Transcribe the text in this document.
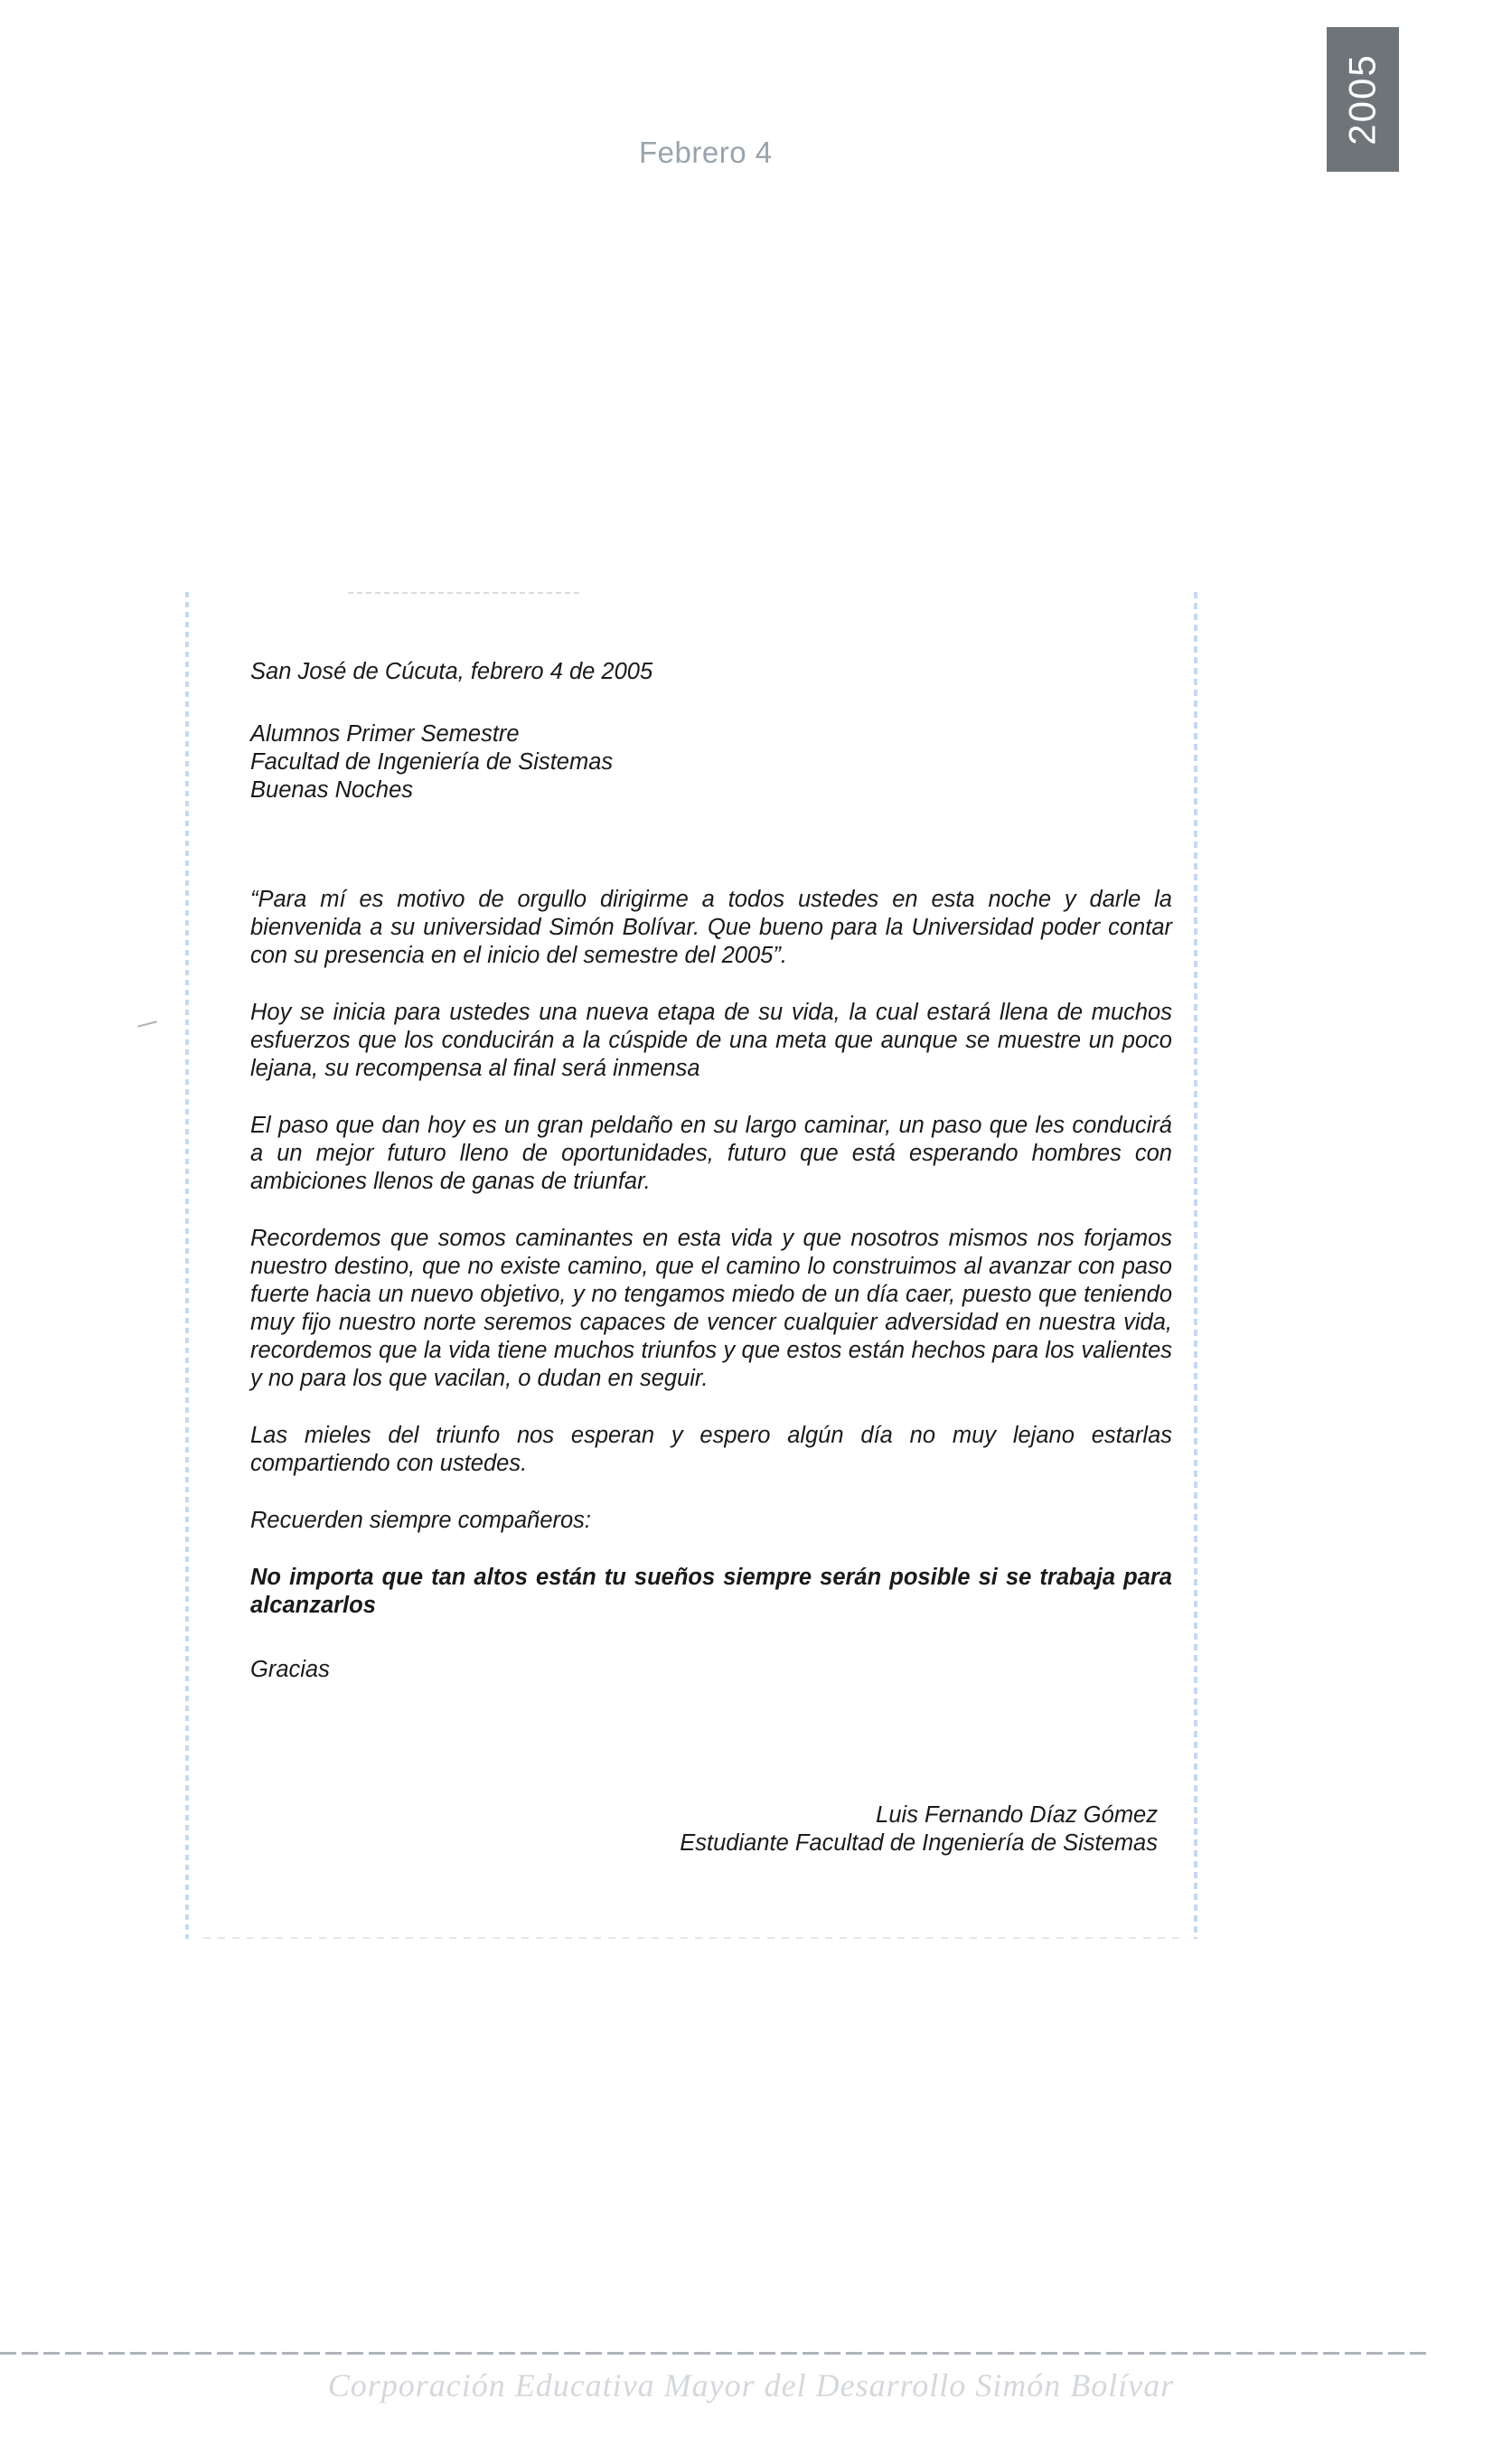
Febrero 4
2005

San José de Cúcuta, febrero 4 de 2005

Alumnos Primer Semestre

Facultad de Ingeniería de Sistemas

Buenas Noches

“Para mí es motivo de orgullo dirigirme a todos ustedes en esta noche y darle la bienvenida a su universidad Simón Bolívar. Que bueno para la Universidad poder contar con su presencia en el inicio del semestre del 2005”.

Hoy se inicia para ustedes una nueva etapa de su vida, la cual estará llena de muchos esfuerzos que los conducirán a la cúspide de una meta que aunque se muestre un poco lejana, su recompensa al final será inmensa

El paso que dan hoy es un gran peldaño en su largo caminar, un paso que les conducirá a un mejor futuro lleno de oportunidades, futuro que está esperando hombres con ambiciones llenos de ganas de triunfar.

Recordemos que somos caminantes en esta vida y que nosotros mismos nos forjamos nuestro destino, que no existe camino, que el camino lo construimos al avanzar con paso fuerte hacia un nuevo objetivo, y no tengamos miedo de un día caer, puesto que teniendo muy fijo nuestro norte seremos capaces de vencer cualquier adversidad en nuestra vida, recordemos que la vida tiene muchos triunfos y que estos están hechos para los valientes y no para los que vacilan, o dudan en seguir.

Las mieles del triunfo nos esperan y espero algún día no muy lejano estarlas compartiendo con ustedes.

Recuerden siempre compañeros:

No importa que tan altos están tu sueños siempre serán posible si se trabaja para alcanzarlos

Gracias

Luis Fernando Díaz Gómez

Estudiante Facultad de Ingeniería de Sistemas

Corporación Educativa Mayor del Desarrollo Simón Bolívar
